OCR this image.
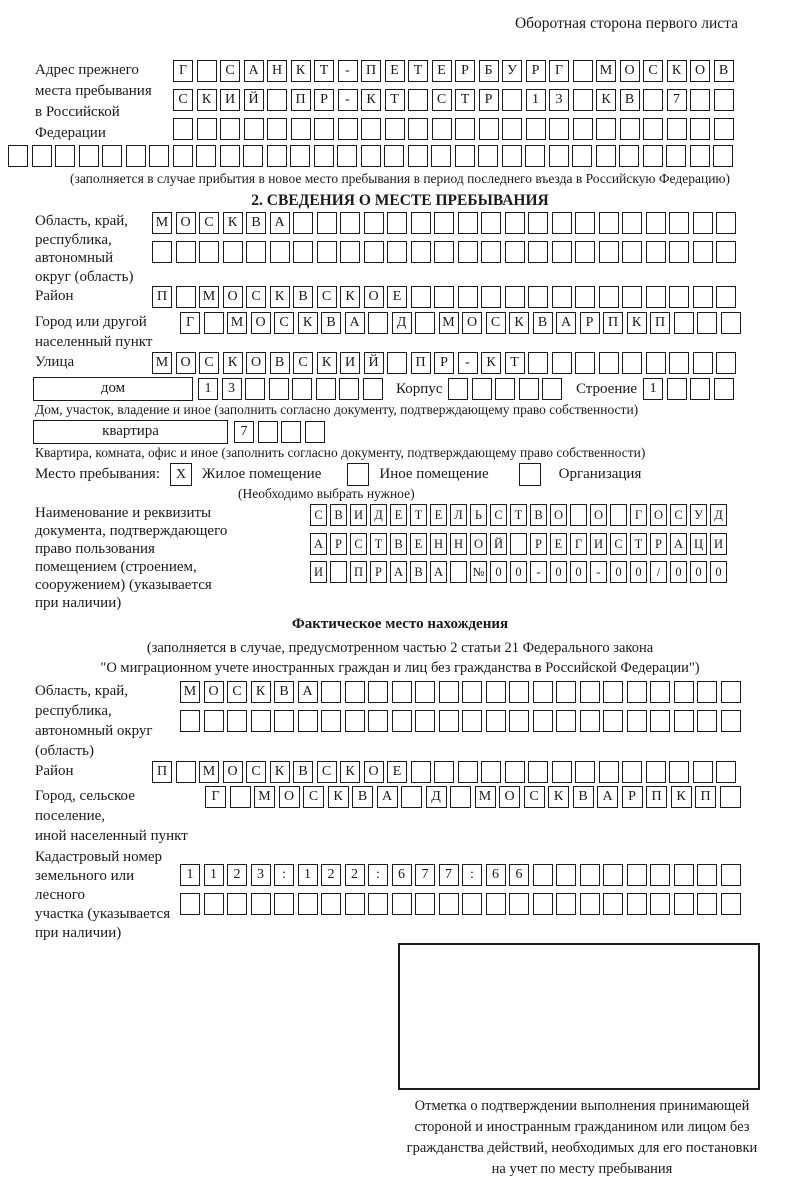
Оборотная сторона первого листа
Адрес прежнего
места пребывания
в Российской
Федерации
Г	С А Н К Т - П Е Т Е Р Б У Р Г	М О С К О В
С К И Й	П Р - К Т	С Т Р	1 3	К В	7
(заполняется в случае прибытия в новое место пребывания в период последнего въезда в Российскую Федерацию)
2. СВЕДЕНИЯ О МЕСТЕ ПРЕБЫВАНИЯ
Область, край,
республика,
автономный
округ (область)
М О С К В А
Район	П	М О С К В С К О Е
Город или другой
населенный пункт
Г	М О С К В А	Д	М О С К В А Р П К П
Улица	М О С К О В С К И Й	П Р - К Т
дом	1 3	Корпус	Строение 1
Дом, участок, владение и иное (заполнить согласно документу, подтверждающему право собственности)
квартира	7
Квартира, комната, офис и иное (заполнить согласно документу, подтверждающему право собственности)
Место пребывания:	X	Жилое помещение	Иное помещение	Организация
(Необходимо выбрать нужное)
Наименование и реквизиты
документа, подтверждающего
право пользования
помещением (строением,
сооружением) (указывается
при наличии)
С В И Д Е Т Е Л Ь С Т В О О	Г О С У Д
А Р С Т В Е Н Н О Й	Р Е Г И С Т Р А Ц И
И П Р А В А № 0 0 - 0 0 - 0 0 / 0 0 0
Фактическое место нахождения
(заполняется в случае, предусмотренном частью 2 статьи 21 Федерального закона
"О миграционном учете иностранных граждан и лиц без гражданства в Российской Федерации")
Область, край,
республика,
автономный округ
(область)
М О С К В А
Район	П	М О С К В С К О Е
Город, сельское поселение,
иной населенный пункт
Г	М О С К В А	Д	М О С К В А Р П К П
Кадастровый номер
земельного или лесного
участка (указывается
при наличии)
1 1 2 3 : 1 2 2 : 6 7 7 : 6 6
Отметка о подтверждении выполнения принимающей
стороной и иностранным гражданином или лицом без
гражданства действий, необходимых для его постановки
на учет по месту пребывания
